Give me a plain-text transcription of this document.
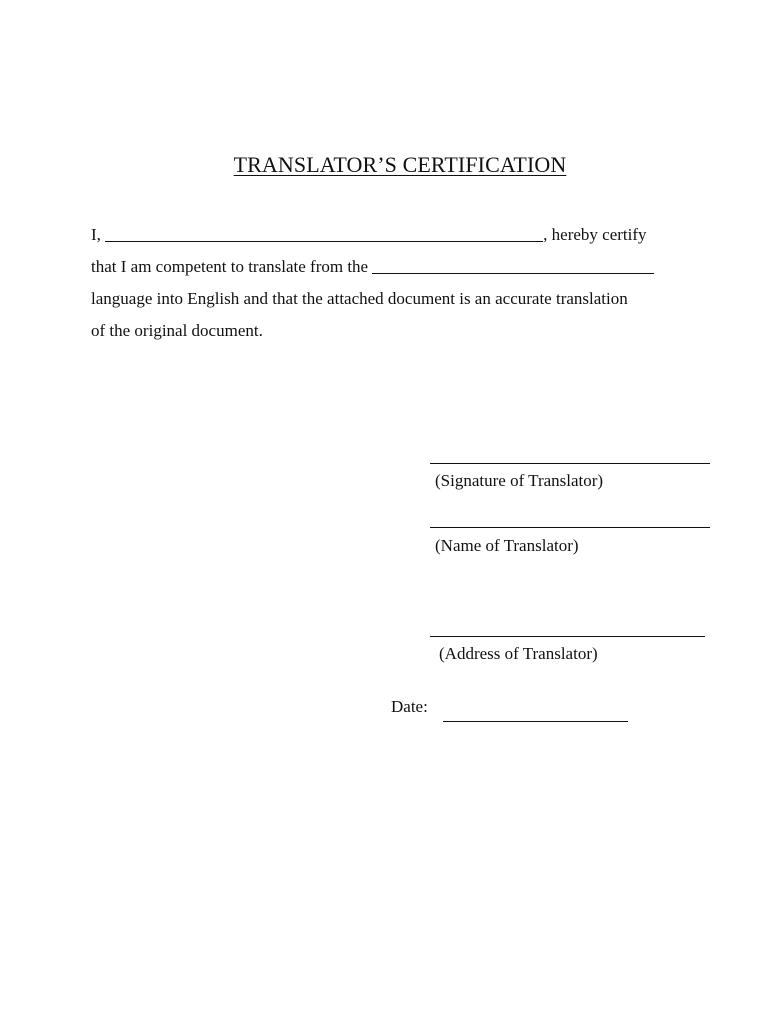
TRANSLATOR’S CERTIFICATION
I,	, hereby certify
that I am competent to translate from the
language into English and that the attached document is an accurate translation
of the original document.
(Signature of Translator)
(Name of Translator)
(Address of Translator)
Date:
